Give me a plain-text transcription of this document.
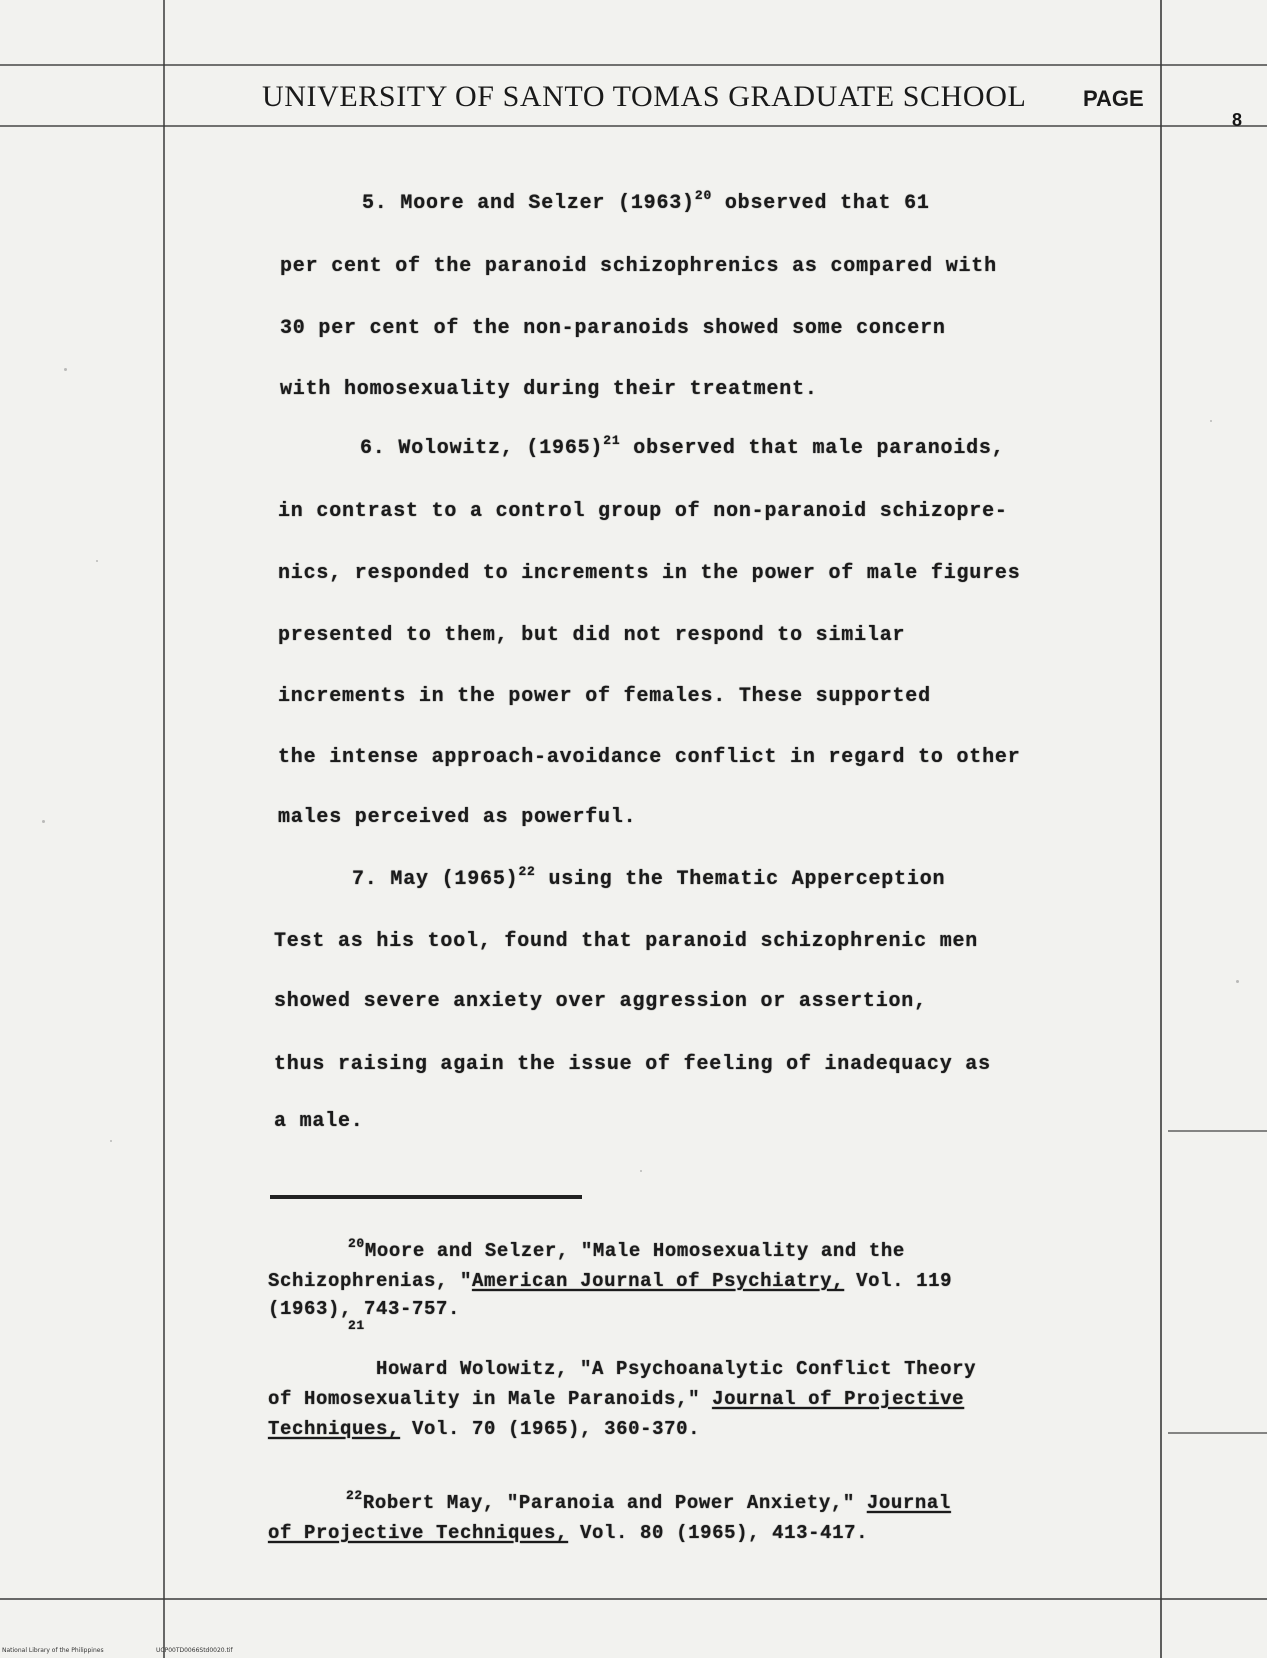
UNIVERSITY OF SANTO TOMAS GRADUATE SCHOOL	PAGE
8
5. Moore and Selzer $(1963)^{20}$ observed that 61
per cent of the paranoid schizophrenics as compared with
30 per cent of the non-paranoids showed some concern
with homosexuality during their treatment.
6. Wolowitz, $(1965)^{21}$ observed that male paranoids,
in contrast to a control group of non-paranoid schizopre-
nics, responded to increments in the power of male figures
presented to them, but did not respond to similar
increments in the power of females. These supported
the intense approach-avoidance conflict in regard to other
males perceived as powerful.
7. May $(1965)^{22}$ using the Thematic Apperception
Test as his tool, found that paranoid schizophrenic men
showed severe anxiety over aggression or assertion,
thus raising again the issue of feeling of inadequacy as
a male.
$^{20}$Moore and Selzer, "Male Homosexuality and the
Schizophrenias, "American Journal of Psychiatry, Vol. 119
(1963), 743-757.
$^{21}$
Howard Wolowitz, "A Psychoanalytic Conflict Theory
of Homosexuality in Male Paranoids," Journal of Projective
Techniques, Vol. 70 (1965), 360-370.
$^{22}$Robert May, "Paranoia and Power Anxiety," Journal
of Projective Techniques, Vol. 80 (1965), 413-417.
National Library of the Philippines	UCP00TD0066Std0020.tif
